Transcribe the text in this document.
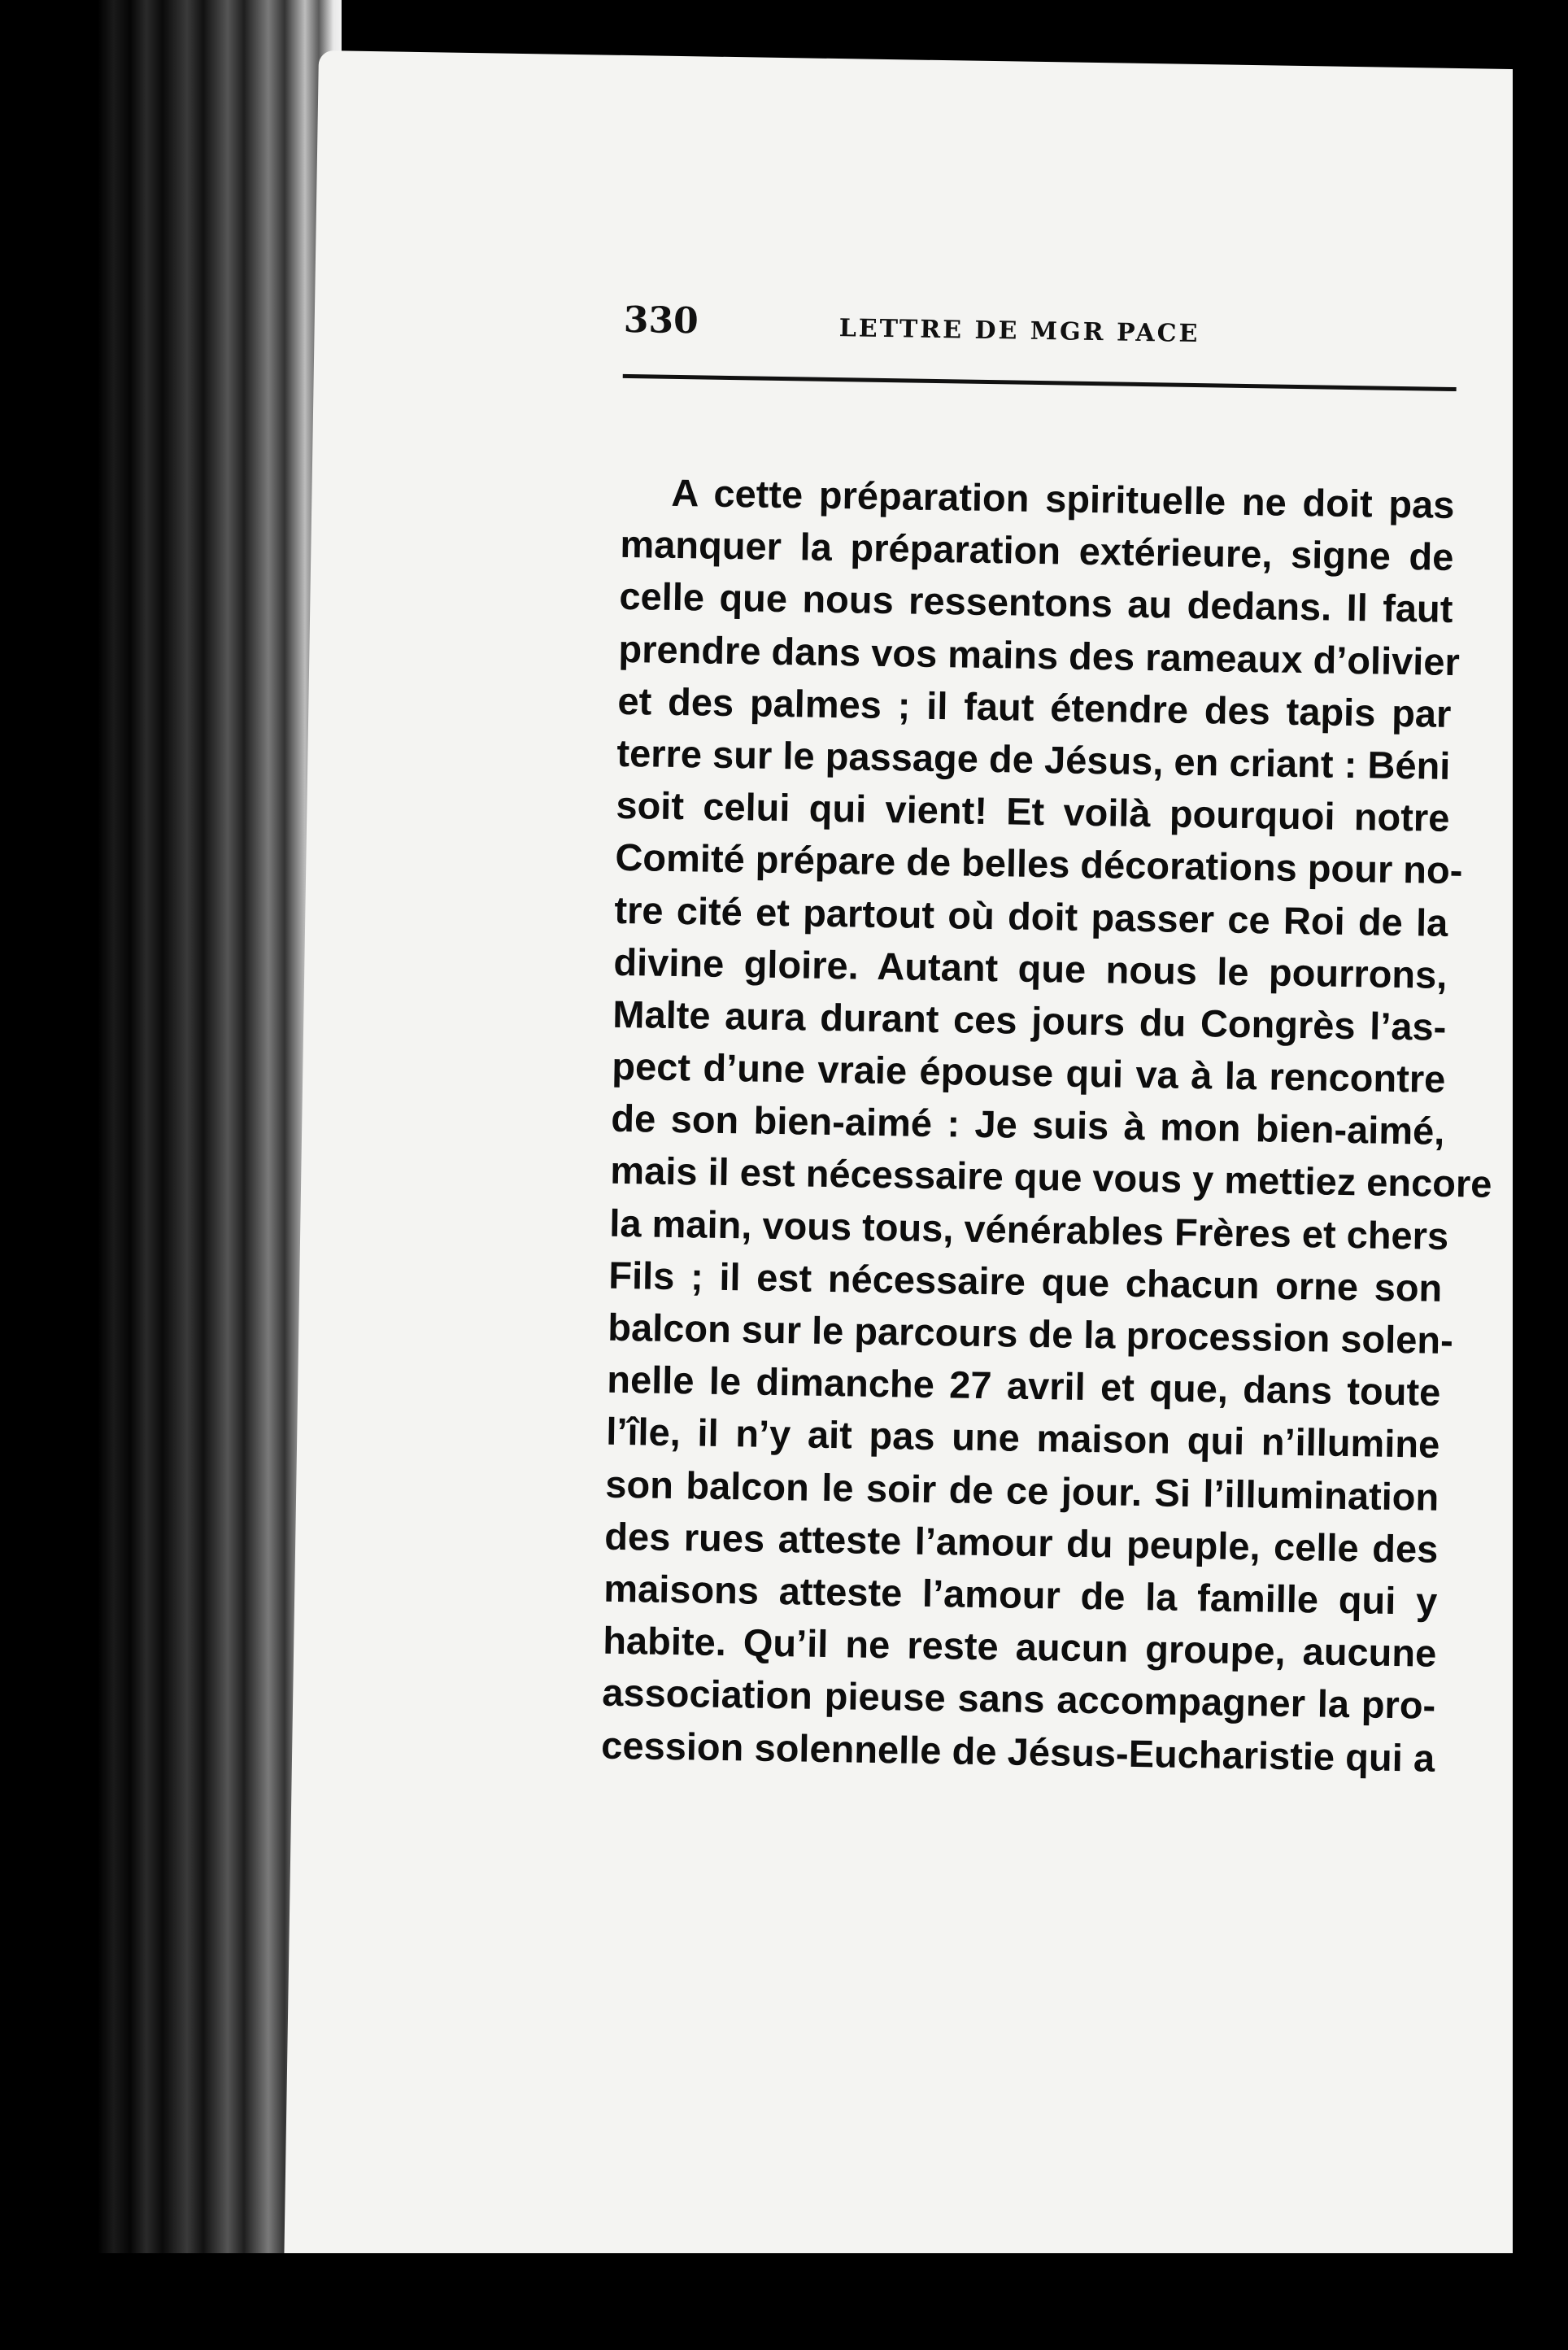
330	LETTRE DE MGR PACE
A cette préparation spirituelle ne doit pas
manquer la préparation extérieure, signe de
celle que nous ressentons au dedans. Il faut
prendre dans vos mains des rameaux d’olivier
et des palmes ; il faut étendre des tapis par
terre sur le passage de Jésus, en criant : Béni
soit celui qui vient! Et voilà pourquoi notre
Comité prépare de belles décorations pour no-
tre cité et partout où doit passer ce Roi de la
divine gloire. Autant que nous le pourrons,
Malte aura durant ces jours du Congrès l’as-
pect d’une vraie épouse qui va à la rencontre
de son bien-aimé : Je suis à mon bien-aimé,
mais il est nécessaire que vous y mettiez encore
la main, vous tous, vénérables Frères et chers
Fils ; il est nécessaire que chacun orne son
balcon sur le parcours de la procession solen-
nelle le dimanche 27 avril et que, dans toute
l’île, il n’y ait pas une maison qui n’illumine
son balcon le soir de ce jour. Si l’illumination
des rues atteste l’amour du peuple, celle des
maisons atteste l’amour de la famille qui y
habite. Qu’il ne reste aucun groupe, aucune
association pieuse sans accompagner la pro-
cession solennelle de Jésus-Eucharistie qui a
